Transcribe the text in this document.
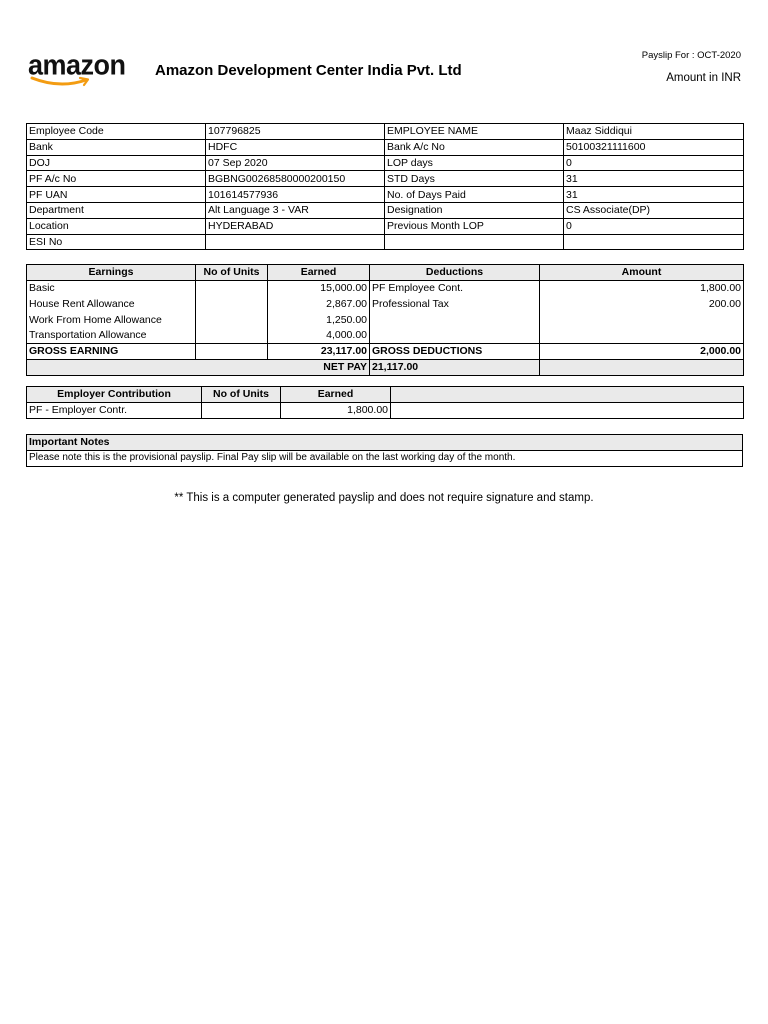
amazon Amazon Development Center India Pvt. Ltd
Payslip For : OCT-2020
Amount in INR
Employee Code	107796825	EMPLOYEE NAME	Maaz Siddiqui
Bank	HDFC	Bank A/c No	50100321111600
DOJ	07 Sep 2020	LOP days	0
PF A/c No	BGBNG00268580000200150	STD Days	31
PF UAN	101614577936	No. of Days Paid	31
Department	Alt Language 3 - VAR	Designation	CS Associate(DP)
Location	HYDERABAD	Previous Month LOP	0
ESI No			
Earnings	No of Units	Earned	Deductions	Amount
Basic		15,000.00	PF Employee Cont.	1,800.00
House Rent Allowance		2,867.00	Professional Tax	200.00
Work From Home Allowance		1,250.00		
Transportation Allowance		4,000.00		
GROSS EARNING		23,117.00	GROSS DEDUCTIONS	2,000.00
NET PAY			21,117.00	
Employer Contribution	No of Units	Earned	
PF - Employer Contr.		1,800.00	
Important Notes
Please note this is the provisional payslip. Final Pay slip will be available on the last working day of the month.
** This is a computer generated payslip and does not require signature and stamp.
